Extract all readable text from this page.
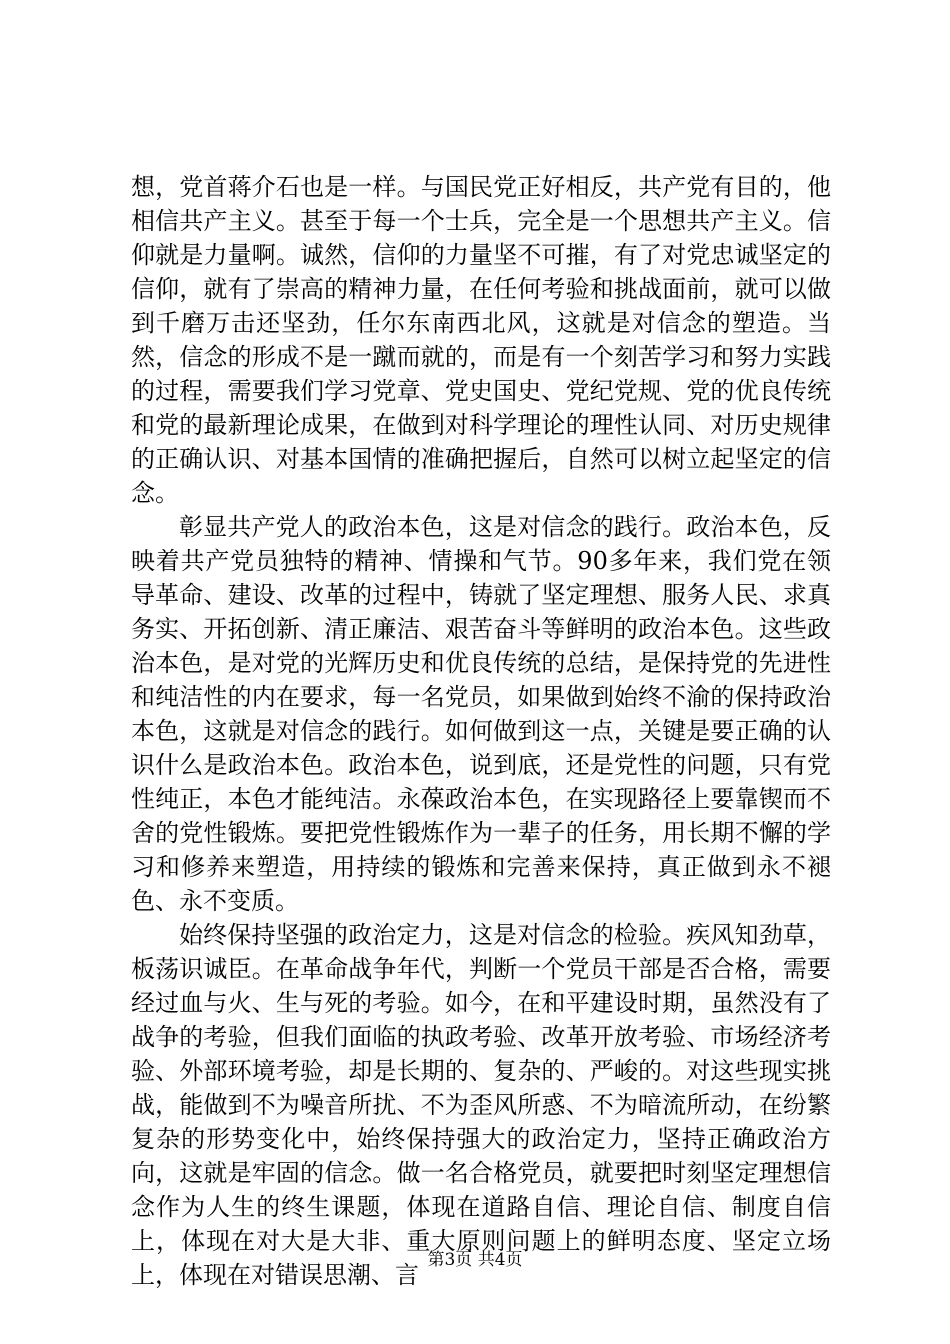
想，党首蒋介石也是一样。与国民党正好相反，共产党有目的，他相信共产主义。甚至于每一个士兵，完全是一个思想共产主义。信仰就是力量啊。诚然，信仰的力量坚不可摧，有了对党忠诚坚定的信仰，就有了崇高的精神力量，在任何考验和挑战面前，就可以做到千磨万击还坚劲，任尔东南西北风，这就是对信念的塑造。当然，信念的形成不是一蹴而就的，而是有一个刻苦学习和努力实践的过程，需要我们学习党章、党史国史、党纪党规、党的优良传统和党的最新理论成果，在做到对科学理论的理性认同、对历史规律的正确认识、对基本国情的准确把握后，自然可以树立起坚定的信念。

彰显共产党人的政治本色，这是对信念的践行。政治本色，反映着共产党员独特的精神、情操和气节。90多年来，我们党在领导革命、建设、改革的过程中，铸就了坚定理想、服务人民、求真务实、开拓创新、清正廉洁、艰苦奋斗等鲜明的政治本色。这些政治本色，是对党的光辉历史和优良传统的总结，是保持党的先进性和纯洁性的内在要求，每一名党员，如果做到始终不渝的保持政治本色，这就是对信念的践行。如何做到这一点，关键是要正确的认识什么是政治本色。政治本色，说到底，还是党性的问题，只有党性纯正，本色才能纯洁。永葆政治本色，在实现路径上要靠锲而不舍的党性锻炼。要把党性锻炼作为一辈子的任务，用长期不懈的学习和修养来塑造，用持续的锻炼和完善来保持，真正做到永不褪色、永不变质。

始终保持坚强的政治定力，这是对信念的检验。疾风知劲草，板荡识诚臣。在革命战争年代，判断一个党员干部是否合格，需要经过血与火、生与死的考验。如今，在和平建设时期，虽然没有了战争的考验，但我们面临的执政考验、改革开放考验、市场经济考验、外部环境考验，却是长期的、复杂的、严峻的。对这些现实挑战，能做到不为噪音所扰、不为歪风所惑、不为暗流所动，在纷繁复杂的形势变化中，始终保持强大的政治定力，坚持正确政治方向，这就是牢固的信念。做一名合格党员，就要把时刻坚定理想信念作为人生的终生课题，体现在道路自信、理论自信、制度自信上，体现在对大是大非、重大原则问题上的鲜明态度、坚定立场上，体现在对错误思潮、言

第3页 共4页
